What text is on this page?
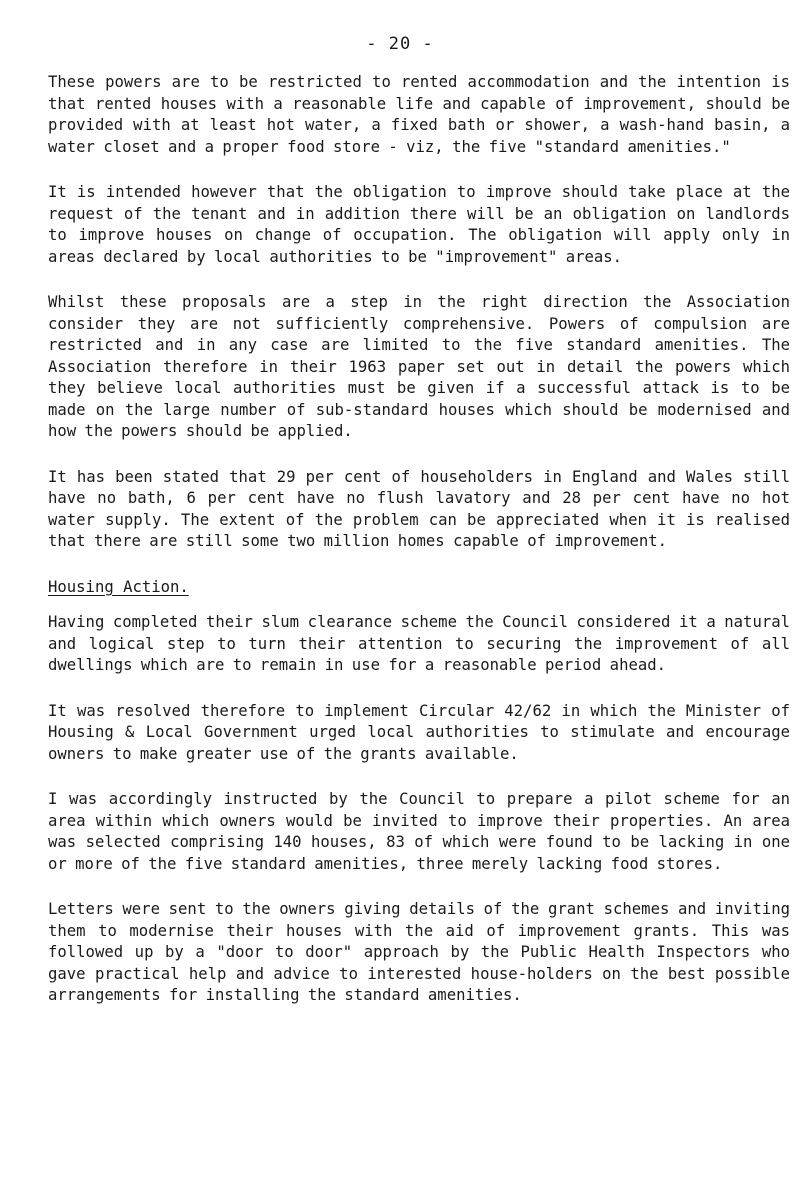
- 20 -

These powers are to be restricted to rented accommodation and the intention is that rented houses with a reasonable life and capable of improvement, should be provided with at least hot water, a fixed bath or shower, a wash-hand basin, a water closet and a proper food store - viz, the five "standard amenities."

It is intended however that the obligation to improve should take place at the request of the tenant and in addition there will be an obligation on landlords to improve houses on change of occupation. The obligation will apply only in areas declared by local authorities to be "improvement" areas.

Whilst these proposals are a step in the right direction the Association consider they are not sufficiently comprehensive. Powers of compulsion are restricted and in any case are limited to the five standard amenities. The Association therefore in their 1963 paper set out in detail the powers which they believe local authorities must be given if a successful attack is to be made on the large number of sub-standard houses which should be modernised and how the powers should be applied.

It has been stated that 29 per cent of householders in England and Wales still have no bath, 6 per cent have no flush lavatory and 28 per cent have no hot water supply. The extent of the problem can be appreciated when it is realised that there are still some two million homes capable of improvement.

Housing Action.

Having completed their slum clearance scheme the Council considered it a natural and logical step to turn their attention to securing the improvement of all dwellings which are to remain in use for a reasonable period ahead.

It was resolved therefore to implement Circular 42/62 in which the Minister of Housing & Local Government urged local authorities to stimulate and encourage owners to make greater use of the grants available.

I was accordingly instructed by the Council to prepare a pilot scheme for an area within which owners would be invited to improve their properties. An area was selected comprising 140 houses, 83 of which were found to be lacking in one or more of the five standard amenities, three merely lacking food stores.

Letters were sent to the owners giving details of the grant schemes and inviting them to modernise their houses with the aid of improvement grants. This was followed up by a "door to door" approach by the Public Health Inspectors who gave practical help and advice to interested house-holders on the best possible arrangements for installing the standard amenities.
